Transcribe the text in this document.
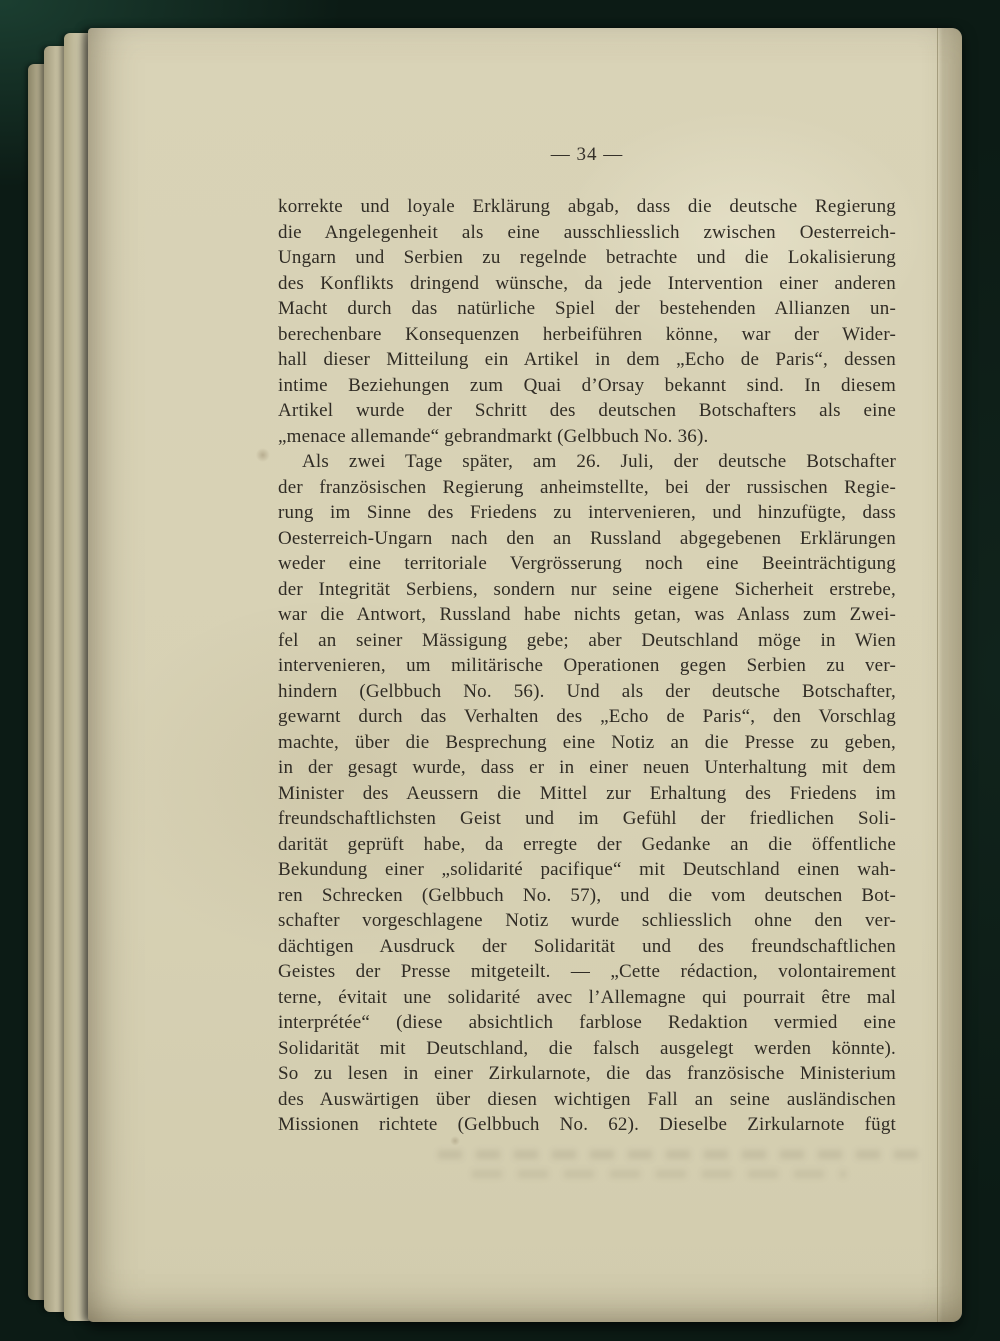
— 34 —
korrekte und loyale Erklärung abgab, dass die deutsche Regierung
die Angelegenheit als eine ausschliesslich zwischen Oesterreich-
Ungarn und Serbien zu regelnde betrachte und die Lokalisierung
des Konflikts dringend wünsche, da jede Intervention einer anderen
Macht durch das natürliche Spiel der bestehenden Allianzen un-
berechenbare Konsequenzen herbeiführen könne, war der Wider-
hall dieser Mitteilung ein Artikel in dem „Echo de Paris“, dessen
intime Beziehungen zum Quai d’Orsay bekannt sind. In diesem
Artikel wurde der Schritt des deutschen Botschafters als eine
„menace allemande“ gebrandmarkt (Gelbbuch No. 36).
Als zwei Tage später, am 26. Juli, der deutsche Botschafter
der französischen Regierung anheimstellte, bei der russischen Regie-
rung im Sinne des Friedens zu intervenieren, und hinzufügte, dass
Oesterreich-Ungarn nach den an Russland abgegebenen Erklärungen
weder eine territoriale Vergrösserung noch eine Beeinträchtigung
der Integrität Serbiens, sondern nur seine eigene Sicherheit erstrebe,
war die Antwort, Russland habe nichts getan, was Anlass zum Zwei-
fel an seiner Mässigung gebe; aber Deutschland möge in Wien
intervenieren, um militärische Operationen gegen Serbien zu ver-
hindern (Gelbbuch No. 56). Und als der deutsche Botschafter,
gewarnt durch das Verhalten des „Echo de Paris“, den Vorschlag
machte, über die Besprechung eine Notiz an die Presse zu geben,
in der gesagt wurde, dass er in einer neuen Unterhaltung mit dem
Minister des Aeussern die Mittel zur Erhaltung des Friedens im
freundschaftlichsten Geist und im Gefühl der friedlichen Soli-
darität geprüft habe, da erregte der Gedanke an die öffentliche
Bekundung einer „solidarité pacifique“ mit Deutschland einen wah-
ren Schrecken (Gelbbuch No. 57), und die vom deutschen Bot-
schafter vorgeschlagene Notiz wurde schliesslich ohne den ver-
dächtigen Ausdruck der Solidarität und des freundschaftlichen
Geistes der Presse mitgeteilt. — „Cette rédaction, volontairement
terne, évitait une solidarité avec l’Allemagne qui pourrait être mal
interprétée“ (diese absichtlich farblose Redaktion vermied eine
Solidarität mit Deutschland, die falsch ausgelegt werden könnte).
So zu lesen in einer Zirkularnote, die das französische Ministerium
des Auswärtigen über diesen wichtigen Fall an seine ausländischen
Missionen richtete (Gelbbuch No. 62). Dieselbe Zirkularnote fügt
